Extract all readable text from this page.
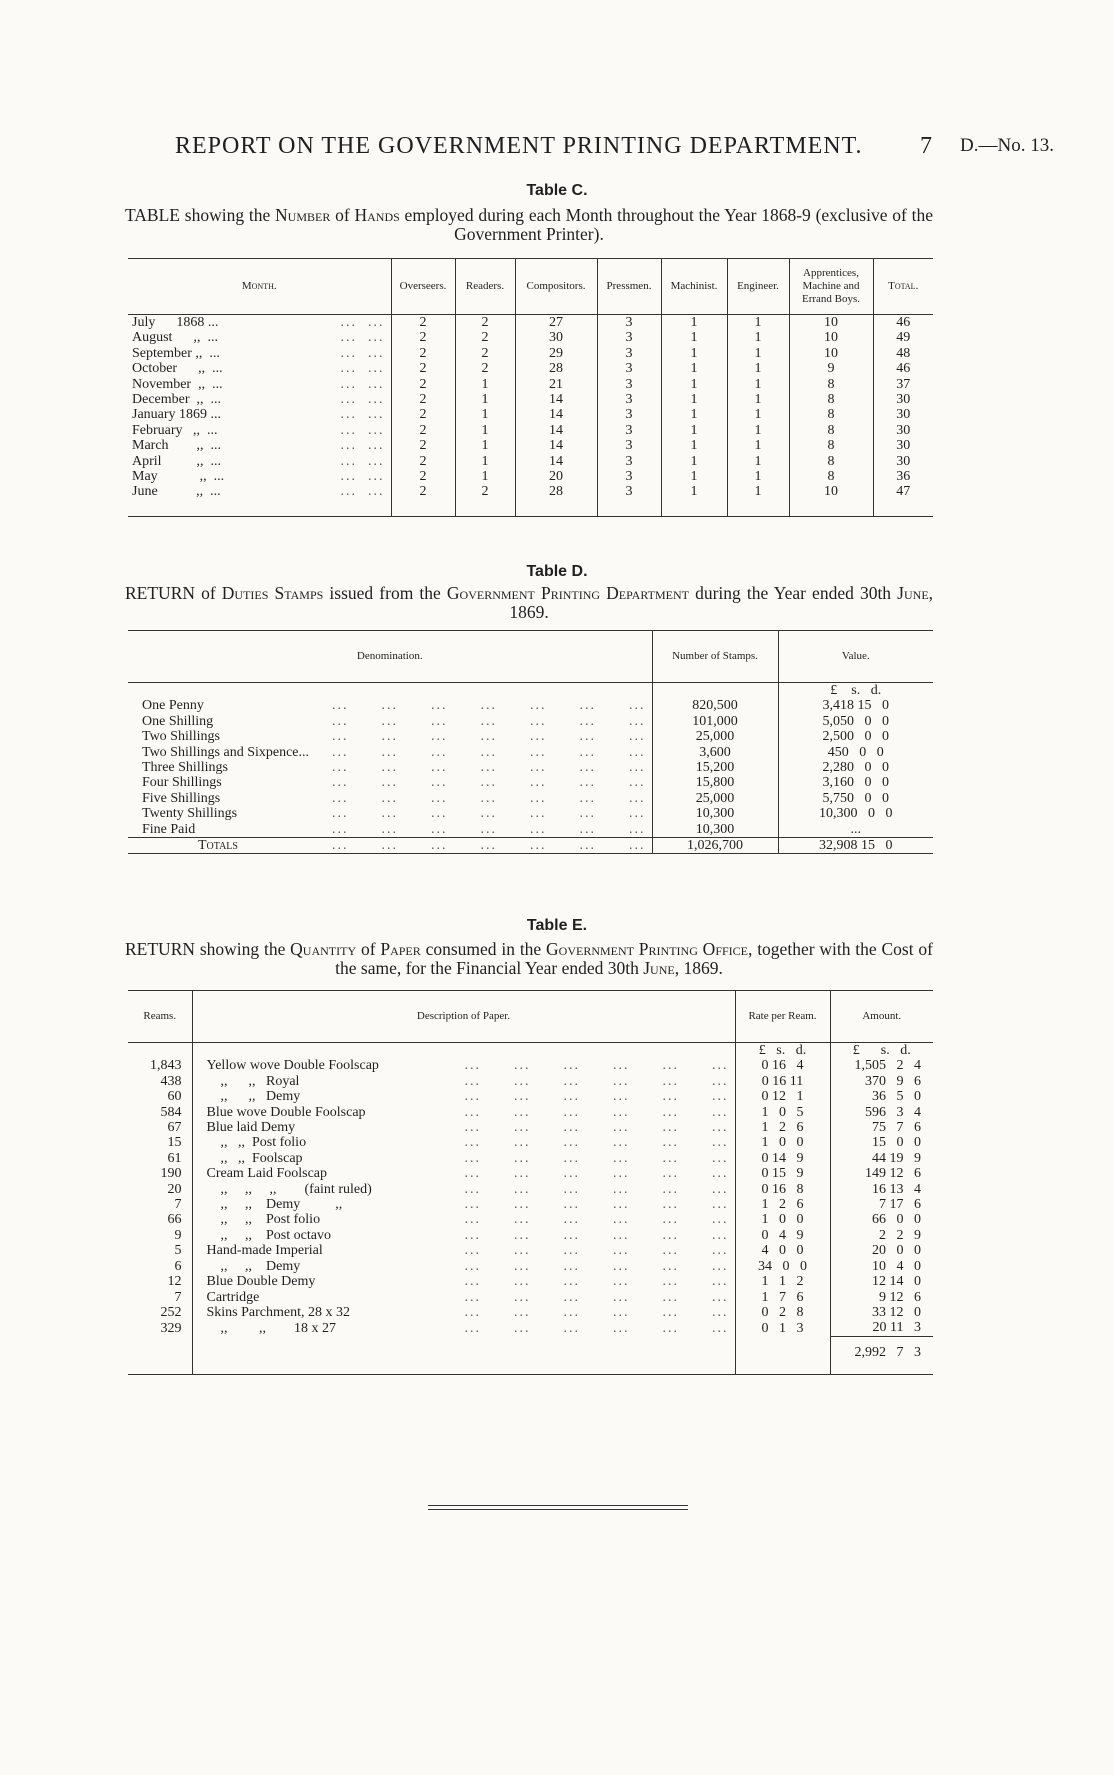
REPORT ON THE GOVERNMENT PRINTING DEPARTMENT. 7 D.—No. 13.
Table C.
TABLE showing the Number of Hands employed during each Month throughout the Year 1868-9 (exclusive of the Government Printer).
Month.	Overseers.	Readers.	Compositors.	Pressmen.	Machinist.	Engineer.	Apprentices, Machine and Errand Boys.	Total.
July      1868 ... ...  ...	2	2	27	3	1	1	10	46
August      ,,  ... ...  ...	2	2	30	3	1	1	10	49
September ,,  ... ...  ...	2	2	29	3	1	1	10	48
October      ,,  ... ...  ...	2	2	28	3	1	1	9	46
November  ,,  ... ...  ...	2	1	21	3	1	1	8	37
December  ,,  ... ...  ...	2	1	14	3	1	1	8	30
January 1869 ... ...  ...	2	1	14	3	1	1	8	30
February   ,,  ... ...  ...	2	1	14	3	1	1	8	30
March        ,,  ... ...  ...	2	1	14	3	1	1	8	30
April          ,,  ... ...  ...	2	1	14	3	1	1	8	30
May            ,,  ... ...  ...	2	1	20	3	1	1	8	36
June           ,,  ... ...  ...	2	2	28	3	1	1	10	47
Table D.
RETURN of Duties Stamps issued from the Government Printing Department during the Year ended 30th June, 1869.
Denomination.	Number of Stamps.	Value.
		£    s.   d.
One Penny ...      ...      ...      ...      ...      ...      ...	820,500	3,418 15   0
One Shilling ...      ...      ...      ...      ...      ...      ...	101,000	5,050   0   0
Two Shillings ...      ...      ...      ...      ...      ...      ...	25,000	2,500   0   0
Two Shillings and Sixpence... ...      ...      ...      ...      ...      ...      ...	3,600	450   0   0
Three Shillings ...      ...      ...      ...      ...      ...      ...	15,200	2,280   0   0
Four Shillings ...      ...      ...      ...      ...      ...      ...	15,800	3,160   0   0
Five Shillings ...      ...      ...      ...      ...      ...      ...	25,000	5,750   0   0
Twenty Shillings ...      ...      ...      ...      ...      ...      ...	10,300	10,300   0   0
Fine Paid ...      ...      ...      ...      ...      ...      ...	10,300	...
Totals ...      ...      ...      ...      ...      ...      ...	1,026,700	32,908 15   0
Table E.
RETURN showing the Quantity of Paper consumed in the Government Printing Office, together with the Cost of the same, for the Financial Year ended 30th June, 1869.
Reams.	Description of Paper.	Rate per Ream.	Amount.
		£   s.   d.	£      s.   d.
1,843	Yellow wove Double Foolscap ...      ...      ...      ...      ...      ...	0 16   4	1,505   2   4
438	,,      ,,   Royal ...      ...      ...      ...      ...      ...	0 16 11	370   9   6
60	,,      ,,   Demy ...      ...      ...      ...      ...      ...	0 12   1	36   5   0
584	Blue wove Double Foolscap ...      ...      ...      ...      ...      ...	1   0   5	596   3   4
67	Blue laid Demy ...      ...      ...      ...      ...      ...	1   2   6	75   7   6
15	,,   ,,  Post folio ...      ...      ...      ...      ...      ...	1   0   0	15   0   0
61	,,   ,,  Foolscap ...      ...      ...      ...      ...      ...	0 14   9	44 19   9
190	Cream Laid Foolscap ...      ...      ...      ...      ...      ...	0 15   9	149 12   6
20	,,     ,,     ,,        (faint ruled) ...      ...      ...      ...      ...      ...	0 16   8	16 13   4
7	,,     ,,    Demy          ,, ...      ...      ...      ...      ...      ...	1   2   6	7 17   6
66	,,     ,,    Post folio ...      ...      ...      ...      ...      ...	1   0   0	66   0   0
9	,,     ,,    Post octavo ...      ...      ...      ...      ...      ...	0   4   9	2   2   9
5	Hand-made Imperial ...      ...      ...      ...      ...      ...	4   0   0	20   0   0
6	,,     ,,    Demy ...      ...      ...      ...      ...      ...	34   0   0	10   4   0
12	Blue Double Demy ...      ...      ...      ...      ...      ...	1   1   2	12 14   0
7	Cartridge ...      ...      ...      ...      ...      ...	1   7   6	9 12   6
252	Skins Parchment, 28 x 32 ...      ...      ...      ...      ...      ...	0   2   8	33 12   0
329	,,         ,,        18 x 27 ...      ...      ...      ...      ...      ...	0   1   3	20 11   3
			2,992   7   3
